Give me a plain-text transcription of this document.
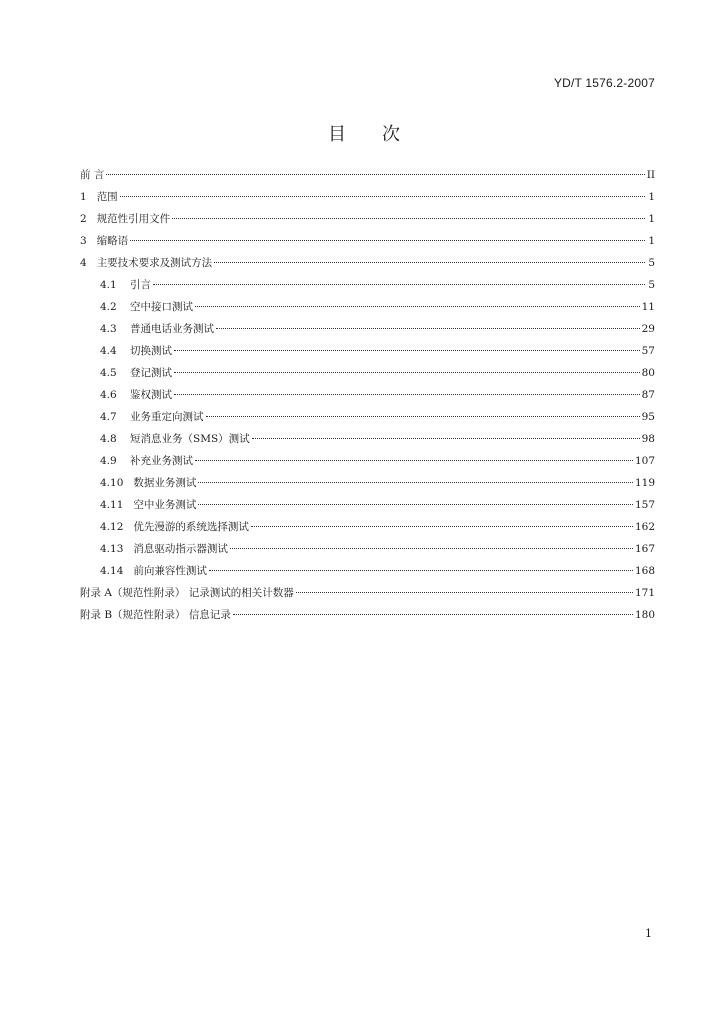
YD/T 1576.2-2007
目次
前 言	II
1 范围	1
2 规范性引用文件	1
3 缩略语	1
4 主要技术要求及测试方法	5
4.1	引言	5
4.2	空中接口测试	11
4.3	普通电话业务测试	29
4.4	切换测试	57
4.5	登记测试	80
4.6	鉴权测试	87
4.7	业务重定向测试	95
4.8	短消息业务（SMS）测试	98
4.9	补充业务测试	107
4.10 数据业务测试	119
4.11 空中业务测试	157
4.12 优先漫游的系统选择测试	162
4.13 消息驱动指示器测试	167
4.14 前向兼容性测试	168
附录 A（规范性附录） 记录测试的相关计数器	171
附录 B（规范性附录） 信息记录	180
1
